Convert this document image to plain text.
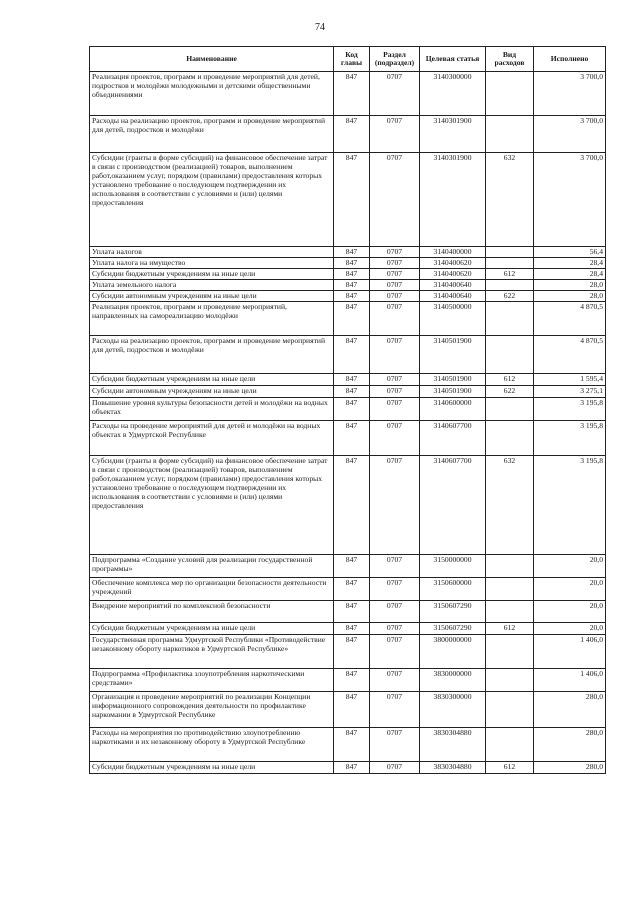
74
Наименование	Код главы	Раздел (подраздел)	Целевая статья	Вид расходов	Исполнено
Реализация проектов, программ и проведение мероприятий для детей, подростков и молодёжи молодежными и детскими общественными объединениями	847	0707	3140300000		3 700,0
Расходы на реализацию проектов, программ и проведение мероприятий для детей, подростков и молодёжи	847	0707	3140301900		3 700,0
Субсидии (гранты в форме субсидий) на финансовое обеспечение затрат в связи с производством (реализацией) товаров, выполнением работ,оказанием услуг, порядком (правилами) предоставления которых установлено требование о последующем подтверждении их использования в соответствии с условиями и (или) целями предоставления	847	0707	3140301900	632	3 700,0
Уплата налогов	847	0707	3140400000		56,4
Уплата налога на имущество	847	0707	3140400620		28,4
Субсидии бюджетным учреждениям на иные цели	847	0707	3140400620	612	28,4
Уплата земельного налога	847	0707	3140400640		28,0
Субсидии автономным учреждениям на иные цели	847	0707	3140400640	622	28,0
Реализация проектов, программ и проведение мероприятий, направленных на самореализацию молодёжи	847	0707	3140500000		4 870,5
Расходы на реализацию проектов, программ и проведение мероприятий для детей, подростков и молодёжи	847	0707	3140501900		4 870,5
Субсидии бюджетным учреждениям на иные цели	847	0707	3140501900	612	1 595,4
Субсидии автономным учреждениям на иные цели	847	0707	3140501900	622	3 275,1
Повышение уровня культуры безопасности детей и молодёжи на водных объектах	847	0707	3140600000		3 195,8
Расходы на проведение мероприятий для детей и молодёжи на водных объектах в Удмуртской Республике	847	0707	3140607700		3 195,8
Субсидии (гранты в форме субсидий) на финансовое обеспечение затрат в связи с производством (реализацией) товаров, выполнением работ,оказанием услуг, порядком (правилами) предоставления которых установлено требование о последующем подтверждении их использования в соответствии с условиями и (или) целями предоставления	847	0707	3140607700	632	3 195,8
Подпрограмма «Создание условий для реализации государственной программы»	847	0707	3150000000		20,0
Обеспечение комплекса мер по организации безопасности деятельности учреждений	847	0707	3150600000		20,0
Внедрение мероприятий по комплексной безопасности	847	0707	3150607290		20,0
Субсидии бюджетным учреждениям на иные цели	847	0707	3150607290	612	20,0
Государственная программа Удмуртской Республики «Противодействие незаконному обороту наркотиков в Удмуртской Республике»	847	0707	3800000000		1 406,0
Подпрограмма «Профилактика злоупотребления наркотическими средствами»	847	0707	3830000000		1 406,0
Организация и проведение мероприятий по реализации Концепции информационного сопровождения деятельности по профилактике наркомании в Удмуртской Республике	847	0707	3830300000		280,0
Расходы на мероприятия по противодействию злоупотреблению наркотиками и их незаконному обороту в Удмуртской Республике	847	0707	3830304880		280,0
Субсидии бюджетным учреждениям на иные цели	847	0707	3830304880	612	280,0
